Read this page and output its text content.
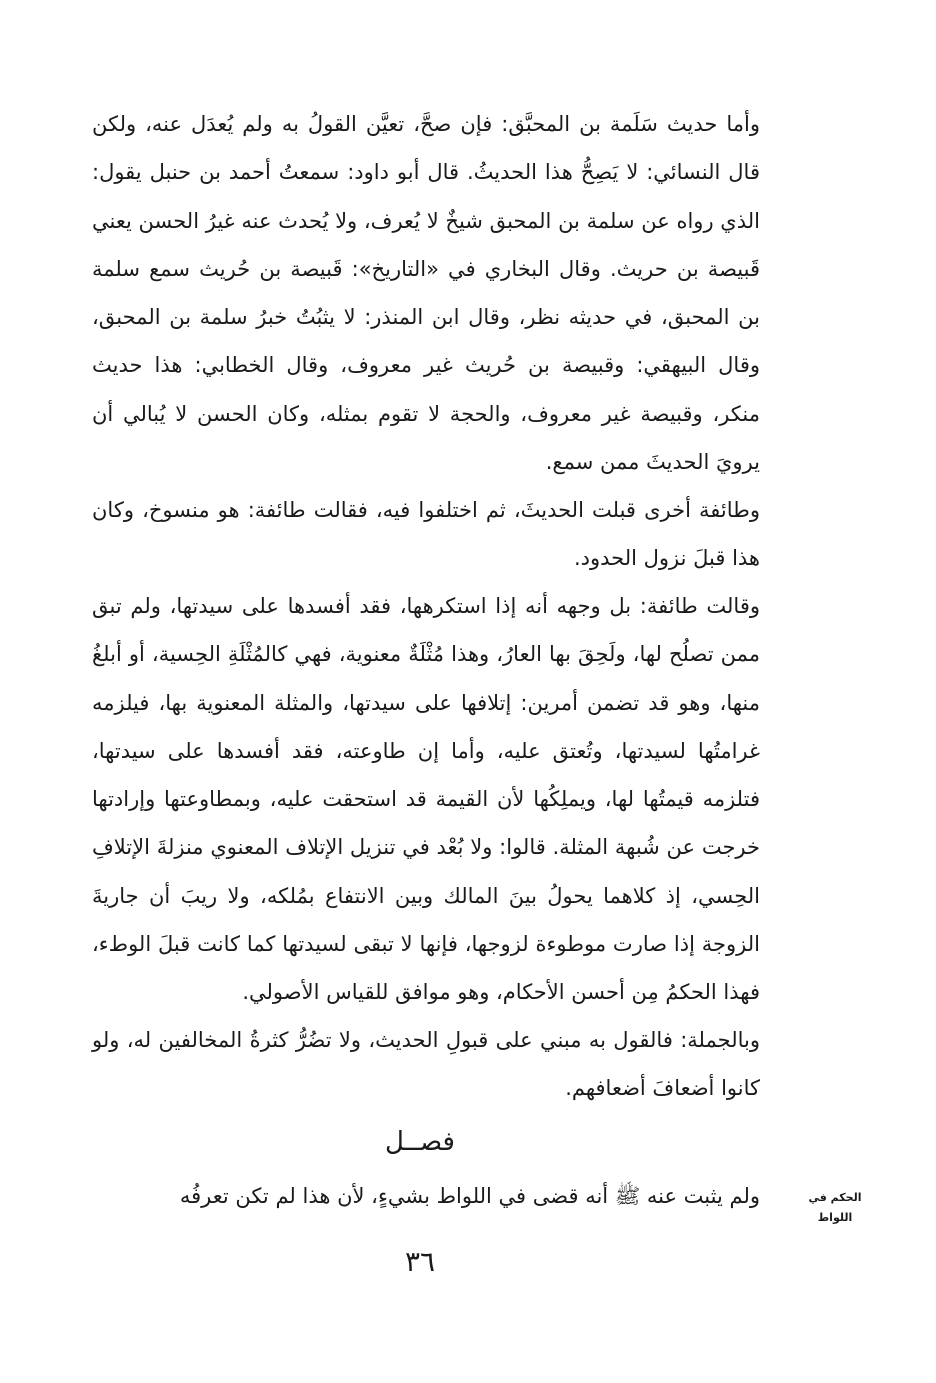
وأما حديث سَلَمة بن المحبَّق: فإن صحَّ، تعيَّن القولُ به ولم يُعدَل عنه، ولكن قال النسائي: لا يَصِحُّ هذا الحديثُ. قال أبو داود: سمعتُ أحمد بن حنبل يقول: الذي رواه عن سلمة بن المحبق شيخٌ لا يُعرف، ولا يُحدث عنه غيرُ الحسن يعني قَبيصة بن حريث. وقال البخاري في «التاريخ»: قَبيصة بن حُريث سمع سلمة بن المحبق، في حديثه نظر، وقال ابن المنذر: لا يثبُتُ خبرُ سلمة بن المحبق، وقال البيهقي: وقبيصة بن حُريث غير معروف، وقال الخطابي: هذا حديث منكر، وقبيصة غير معروف، والحجة لا تقوم بمثله، وكان الحسن لا يُبالي أن يرويَ الحديثَ ممن سمع.

وطائفة أخرى قبلت الحديثَ، ثم اختلفوا فيه، فقالت طائفة: هو منسوخ، وكان هذا قبلَ نزول الحدود.

وقالت طائفة: بل وجهه أنه إذا استكرهها، فقد أفسدها على سيدتها، ولم تبق ممن تصلُح لها، ولَحِقَ بها العارُ، وهذا مُثْلَةٌ معنوية، فهي كالمُثْلَةِ الحِسية، أو أبلغُ منها، وهو قد تضمن أمرين: إتلافها على سيدتها، والمثلة المعنوية بها، فيلزمه غرامتُها لسيدتها، وتُعتق عليه، وأما إن طاوعته، فقد أفسدها على سيدتها، فتلزمه قيمتُها لها، ويملِكُها لأن القيمة قد استحقت عليه، وبمطاوعتها وإرادتها خرجت عن شُبهة المثلة. قالوا: ولا بُعْد في تنزيل الإتلاف المعنوي منزلةَ الإتلافِ الحِسي، إذ كلاهما يحولُ بينَ المالك وبين الانتفاع بمُلكه، ولا ريبَ أن جاريةَ الزوجة إذا صارت موطوءة لزوجها، فإنها لا تبقى لسيدتها كما كانت قبلَ الوطء، فهذا الحكمُ مِن أحسن الأحكام، وهو موافق للقياس الأصولي.

وبالجملة: فالقول به مبني على قبولِ الحديث، ولا تضُرُّ كثرةُ المخالفين له، ولو كانوا أضعافَ أضعافهم.

فصــل

ولم يثبت عنه ﷺ أنه قضى في اللواط بشيءٍ، لأن هذا لم تكن تعرفُه	الحكم في اللواط
٣٦
